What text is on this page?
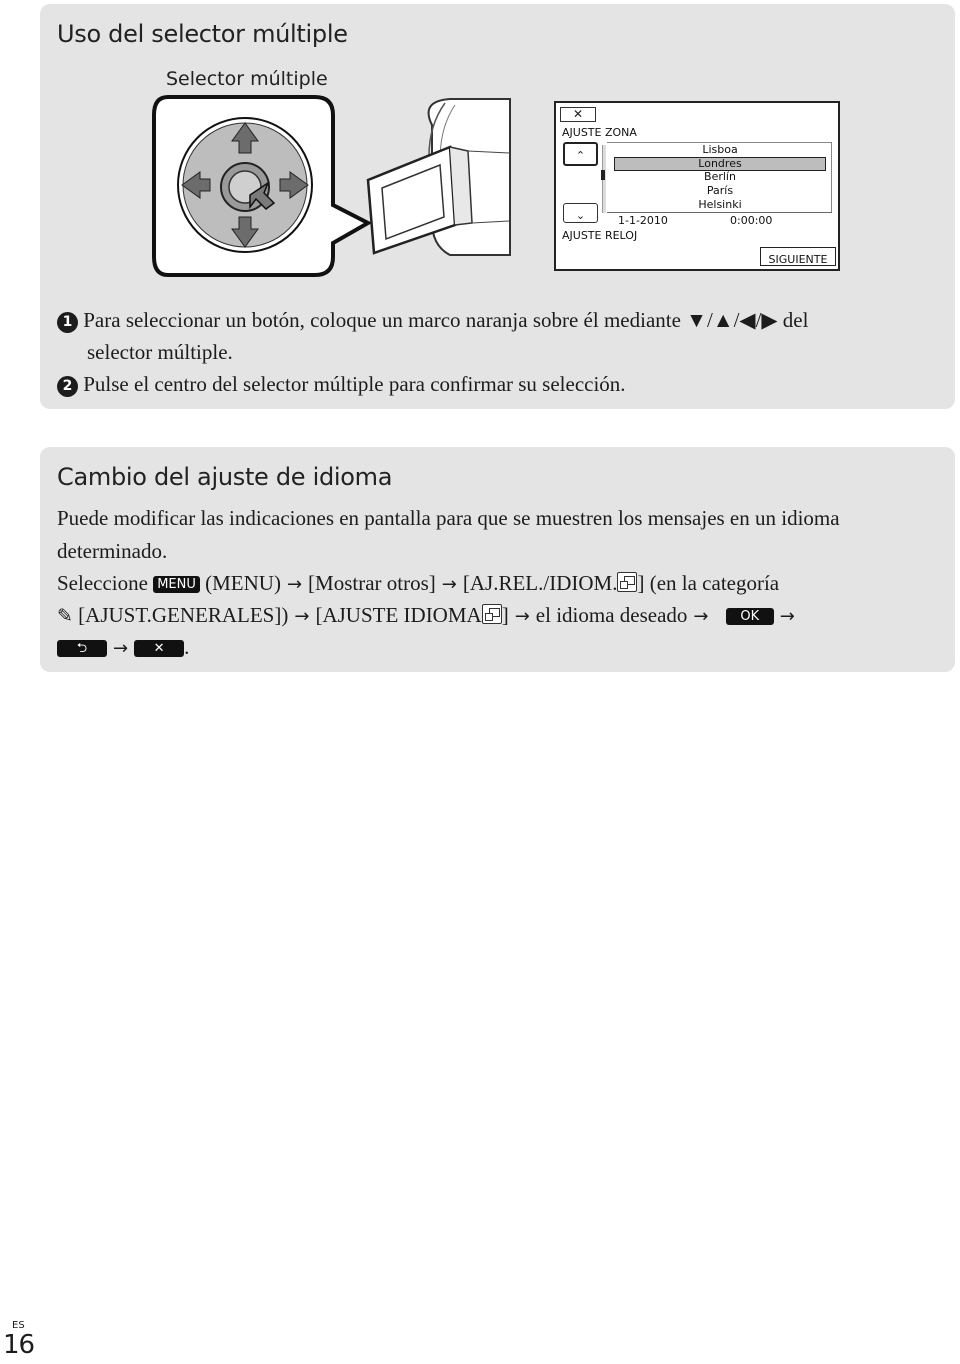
Uso del selector múltiple
Selector múltiple
✕
AJUSTE ZONA
⌃
⌄
Lisboa
Londres
Berlín
París
Helsinki
1-1-2010	0:00:00
AJUSTE RELOJ
SIGUIENTE
1 Para seleccionar un botón, coloque un marco naranja sobre él mediante ▼/▲/◀/▶ del
selector múltiple.
2 Pulse el centro del selector múltiple para confirmar su selección.
Cambio del ajuste de idioma
Puede modificar las indicaciones en pantalla para que se muestren los mensajes en un idioma
determinado.
Seleccione MENU (MENU) → [Mostrar otros] → [AJ.REL./IDIOM. ] (en la categoría
✎ [AJUST.GENERALES]) → [AJUSTE IDIOMA ] → el idioma deseado → OK →
⮌ → ✕ .
ES
16
